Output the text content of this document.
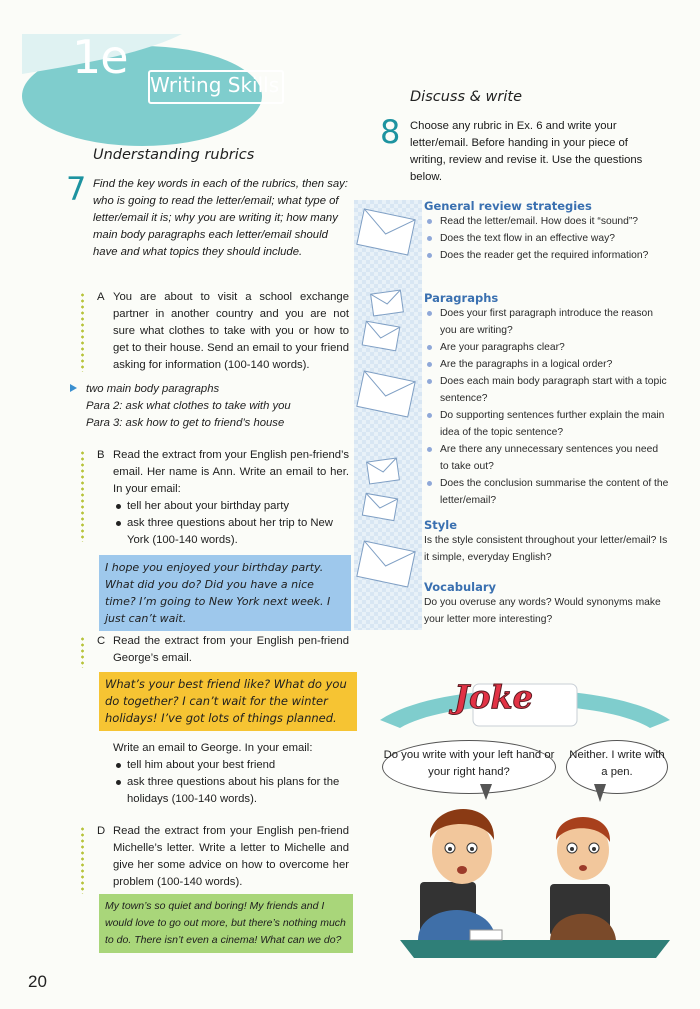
1e
Writing Skills
Understanding rubrics
7 Find the key words in each of the rubrics, then say: who is going to read the letter/email; what type of letter/email it is; why you are writing it; how many main body paragraphs each letter/email should have and what topics they should include.
A You are about to visit a school exchange partner in another country and you are not sure what clothes to take with you or how to get to their house. Send an email to your friend asking for information (100-140 words).
two main body paragraphs
Para 2: ask what clothes to take with you
Para 3: ask how to get to friend’s house
B Read the extract from your English pen-friend’s email. Her name is Ann. Write an email to her. In your email:
tell her about your birthday party
ask three questions about her trip to New York (100-140 words).
I hope you enjoyed your birthday party. What did you do? Did you have a nice time? I’m going to New York next week. I just can’t wait.
C Read the extract from your English pen-friend George’s email.
What’s your best friend like? What do you do together? I can’t wait for the winter holidays! I’ve got lots of things planned.
Write an email to George. In your email:
tell him about your best friend
ask three questions about his plans for the holidays (100-140 words).
D Read the extract from your English pen-friend Michelle’s letter. Write a letter to Michelle and give her some advice on how to overcome her problem (100-140 words).
My town’s so quiet and boring! My friends and I would love to go out more, but there’s nothing much to do. There isn’t even a cinema! What can we do?
20
Discuss & write
8 Choose any rubric in Ex. 6 and write your letter/email. Before handing in your piece of writing, review and revise it. Use the questions below.
General review strategies
Read the letter/email. How does it “sound”?
Does the text flow in an effective way?
Does the reader get the required information?
Paragraphs
Does your first paragraph introduce the reason you are writing?
Are your paragraphs clear?
Are the paragraphs in a logical order?
Does each main body paragraph start with a topic sentence?
Do supporting sentences further explain the main idea of the topic sentence?
Are there any unnecessary sentences you need to take out?
Does the conclusion summarise the content of the letter/email?
Style
Is the style consistent throughout your letter/email? Is it simple, everyday English?
Vocabulary
Do you overuse any words? Would synonyms make your letter more interesting?
Joke
Do you write with your left hand or your right hand?
Neither. I write with a pen.
